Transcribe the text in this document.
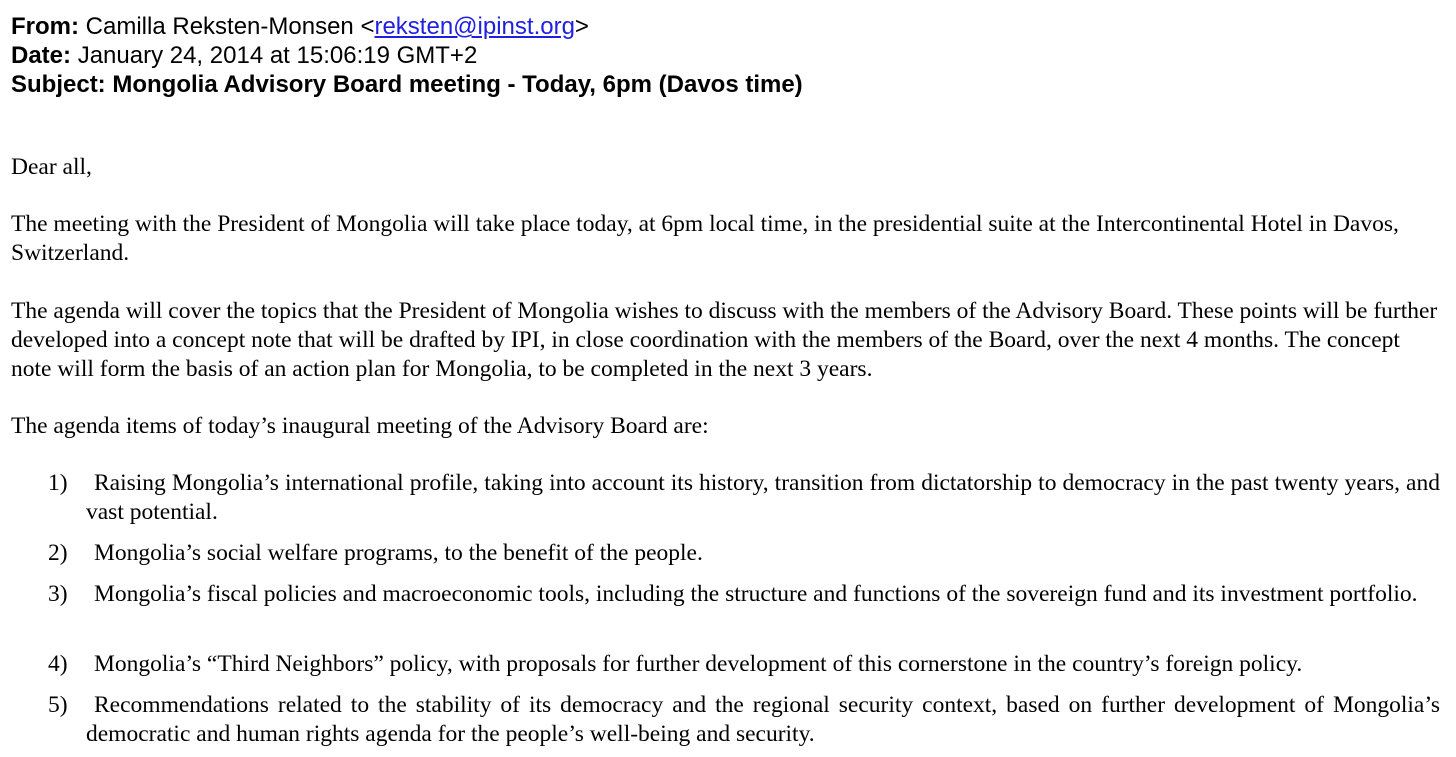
From: Camilla Reksten-Monsen <reksten@ipinst.org>
Date: January 24, 2014 at 15:06:19 GMT+2
Subject: Mongolia Advisory Board meeting - Today, 6pm (Davos time)

Dear all,

The meeting with the President of Mongolia will take place today, at 6pm local time, in the presidential suite at the Intercontinental Hotel in Davos, Switzerland.

The agenda will cover the topics that the President of Mongolia wishes to discuss with the members of the Advisory Board. These points will be further developed into a concept note that will be drafted by IPI, in close coordination with the members of the Board, over the next 4 months. The concept note will form the basis of an action plan for Mongolia, to be completed in the next 3 years.

The agenda items of today’s inaugural meeting of the Advisory Board are:

1)	Raising Mongolia’s international profile, taking into account its history, transition from dictatorship to democracy in the past twenty years, and vast potential.
2)	Mongolia’s social welfare programs, to the benefit of the people.
3)	Mongolia’s fiscal policies and macroeconomic tools, including the structure and functions of the sovereign fund and its investment portfolio.
4)	Mongolia’s “Third Neighbors” policy, with proposals for further development of this cornerstone in the country’s foreign policy.
5)	Recommendations related to the stability of its democracy and the regional security context, based on further development of Mongolia’s democratic and human rights agenda for the people’s well-being and security.
